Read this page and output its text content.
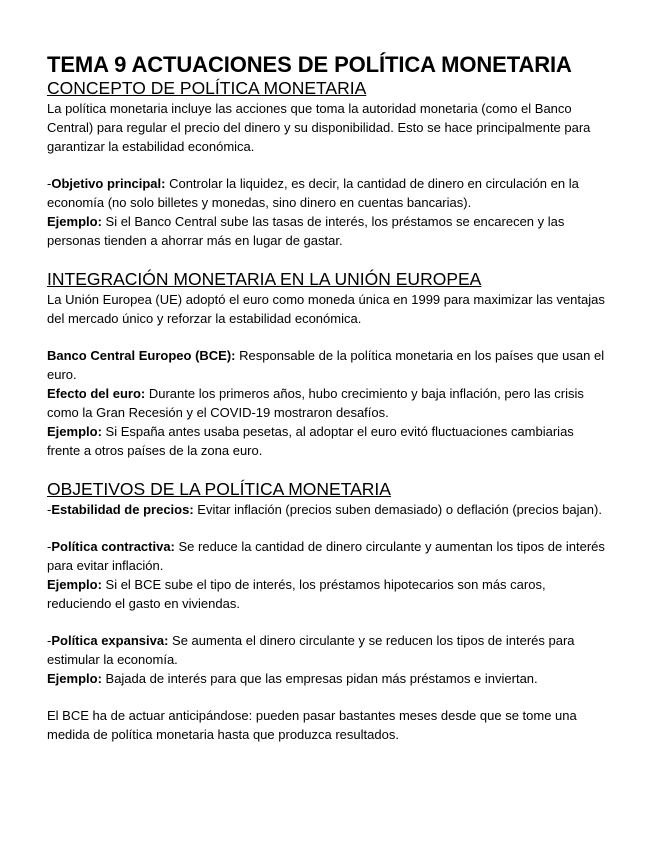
TEMA 9 ACTUACIONES DE POLÍTICA MONETARIA
CONCEPTO DE POLÍTICA MONETARIA

La política monetaria incluye las acciones que toma la autoridad monetaria (como el Banco Central) para regular el precio del dinero y su disponibilidad. Esto se hace principalmente para garantizar la estabilidad económica.

-Objetivo principal: Controlar la liquidez, es decir, la cantidad de dinero en circulación en la economía (no solo billetes y monedas, sino dinero en cuentas bancarias).

Ejemplo: Si el Banco Central sube las tasas de interés, los préstamos se encarecen y las personas tienden a ahorrar más en lugar de gastar.

INTEGRACIÓN MONETARIA EN LA UNIÓN EUROPEA

La Unión Europea (UE) adoptó el euro como moneda única en 1999 para maximizar las ventajas del mercado único y reforzar la estabilidad económica.

Banco Central Europeo (BCE): Responsable de la política monetaria en los países que usan el euro.

Efecto del euro: Durante los primeros años, hubo crecimiento y baja inflación, pero las crisis como la Gran Recesión y el COVID-19 mostraron desafíos.

Ejemplo: Si España antes usaba pesetas, al adoptar el euro evitó fluctuaciones cambiarias frente a otros países de la zona euro.

OBJETIVOS DE LA POLÍTICA MONETARIA

-Estabilidad de precios: Evitar inflación (precios suben demasiado) o deflación (precios bajan).

-Política contractiva: Se reduce la cantidad de dinero circulante y aumentan los tipos de interés para evitar inflación.

Ejemplo: Si el BCE sube el tipo de interés, los préstamos hipotecarios son más caros, reduciendo el gasto en viviendas.

-Política expansiva: Se aumenta el dinero circulante y se reducen los tipos de interés para estimular la economía.

Ejemplo: Bajada de interés para que las empresas pidan más préstamos e inviertan.

El BCE ha de actuar anticipándose: pueden pasar bastantes meses desde que se tome una medida de política monetaria hasta que produzca resultados.
